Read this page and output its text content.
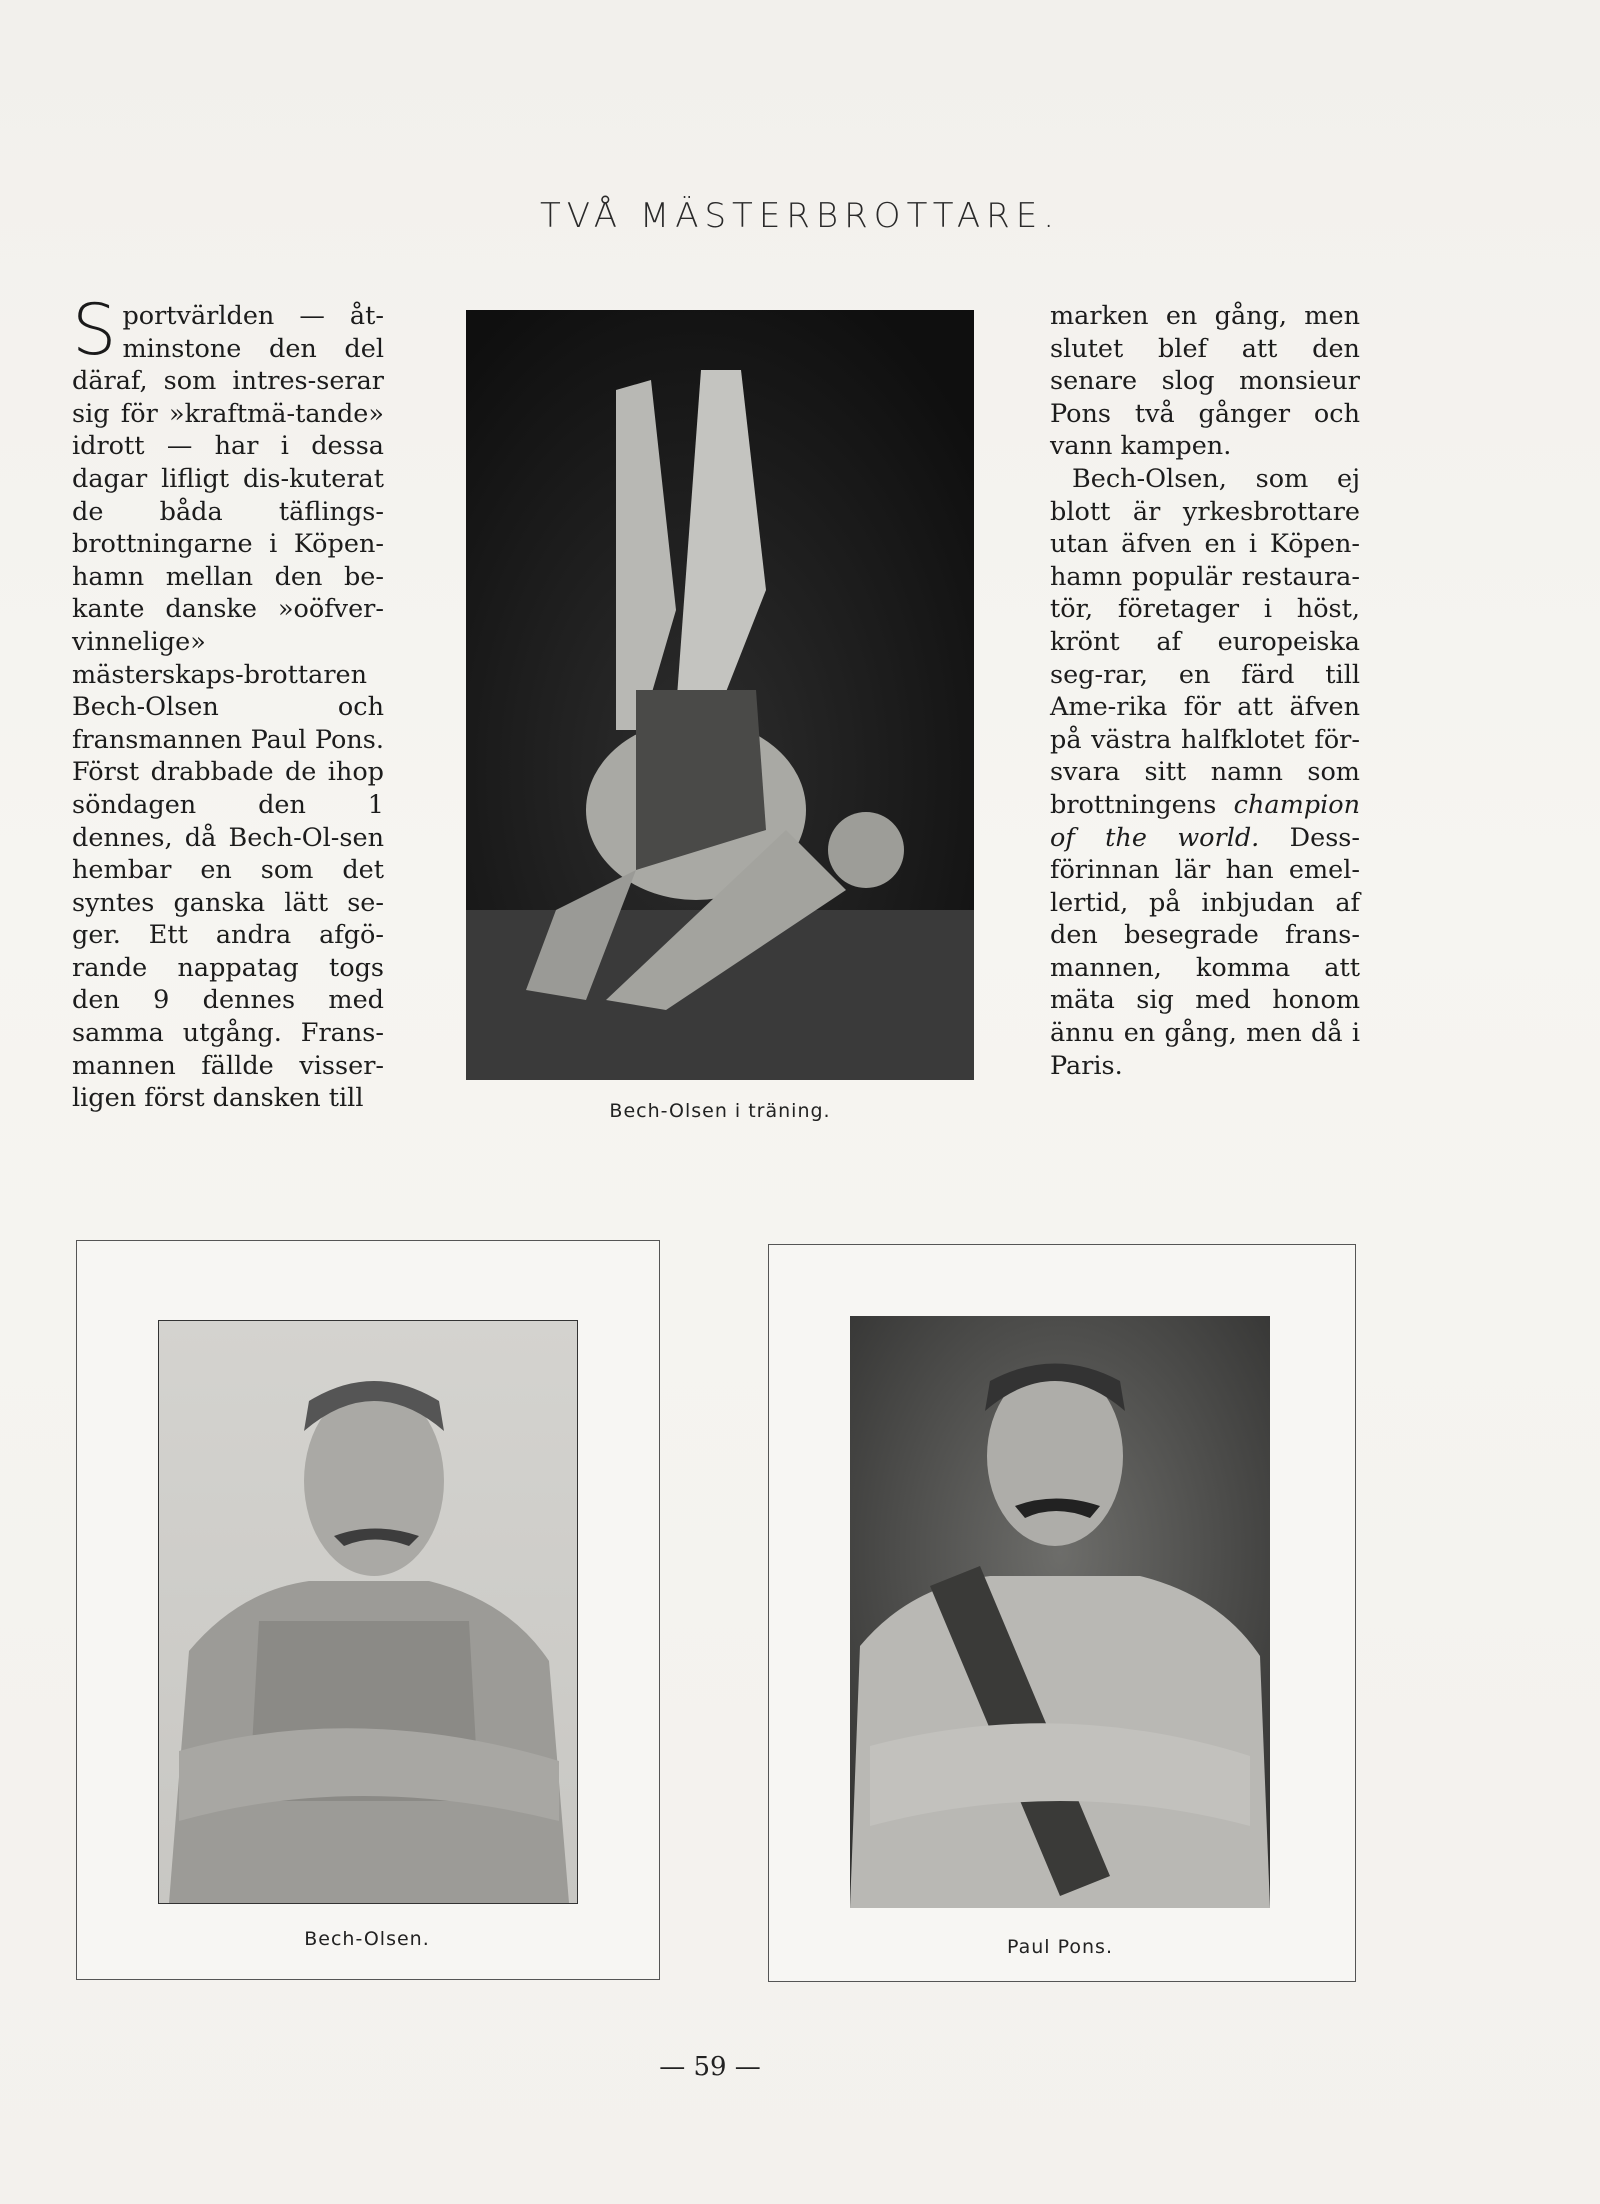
TVÅ MÄSTERBROTTARE.
S portvärlden — åt-minstone den del däraf, som intres-serar sig för »kraftmä-tande» idrott — har i dessa dagar lifligt dis-kuterat de båda täflings-brottningarne i Köpen-hamn mellan den be-kante danske »oöfver-vinnelige» mästerskaps-brottaren Bech-Olsen och fransmannen Paul Pons. Först drabbade de ihop söndagen den 1 dennes, då Bech-Ol-sen hembar en som det syntes ganska lätt se-ger. Ett andra afgö-rande nappatag togs den 9 dennes med samma utgång. Frans-mannen fällde visser-ligen först dansken till	Bech-Olsen i träning.

marken en gång, men slutet blef att den senare slog monsieur Pons två gånger och vann kampen.

Bech-Olsen, som ej blott är yrkesbrottare utan äfven en i Köpen-hamn populär restaura-tör, företager i höst, krönt af europeiska seg-rar, en färd till Ame-rika för att äfven på västra halfklotet för-svara sitt namn som brottningens champion of the world. Dess-förinnan lär han emel-lertid, på inbjudan af den besegrade frans-mannen, komma att mäta sig med honom ännu en gång, men då i Paris.

Bech-Olsen.	Paul Pons.
— 59 —
